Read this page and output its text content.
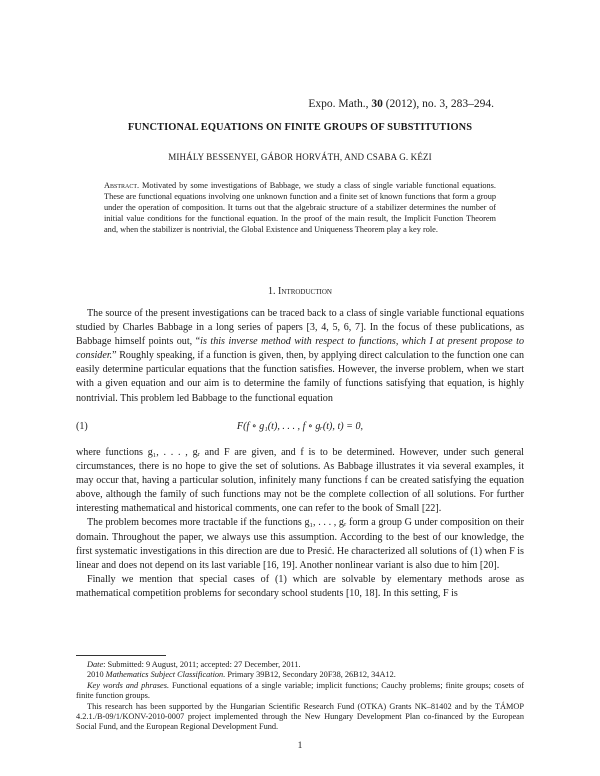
Expo. Math., 30 (2012), no. 3, 283–294.
FUNCTIONAL EQUATIONS ON FINITE GROUPS OF SUBSTITUTIONS
MIHÁLY BESSENYEI, GÁBOR HORVÁTH, AND CSABA G. KÉZI
Abstract. Motivated by some investigations of Babbage, we study a class of single variable functional equations. These are functional equations involving one unknown function and a finite set of known functions that form a group under the operation of composition. It turns out that the algebraic structure of a stabilizer determines the number of initial value conditions for the functional equation. In the proof of the main result, the Implicit Function Theorem and, when the stabilizer is nontrivial, the Global Existence and Uniqueness Theorem play a key role.
1. Introduction

The source of the present investigations can be traced back to a class of single variable functional equations studied by Charles Babbage in a long series of papers [3, 4, 5, 6, 7]. In the focus of these publications, as Babbage himself points out, “is this inverse method with respect to functions, which I at present propose to consider.” Roughly speaking, if a function is given, then, by applying direct calculation to the function one can easily determine particular equations that the function satisfies. However, the inverse problem, when we start with a given equation and our aim is to determine the family of functions satisfying that equation, is highly nontrivial. This problem led Babbage to the functional equation

F(f ∘ g₁(t), . . . , f ∘ gᵣ(t), t) = 0,
(1)

where functions g₁, . . . , gᵣ and F are given, and f is to be determined. However, under such general circumstances, there is no hope to give the set of solutions. As Babbage illustrates it via several examples, it may occur that, having a particular solution, infinitely many functions f can be created satisfying the equation above, although the family of such functions may not be the complete collection of all solutions. For further interesting mathematical and historical comments, one can refer to the book of Small [22].

The problem becomes more tractable if the functions g₁, . . . , gᵣ form a group G under composition on their domain. Throughout the paper, we always use this assumption. According to the best of our knowledge, the first systematic investigations in this direction are due to Presić. He characterized all solutions of (1) when F is linear and does not depend on its last variable [16, 19]. Another nonlinear variant is also due to him [20].

Finally we mention that special cases of (1) which are solvable by elementary methods arose as mathematical competition problems for secondary school students [10, 18]. In this setting, F is

Date: Submitted: 9 August, 2011; accepted: 27 December, 2011.

2010 Mathematics Subject Classification. Primary 39B12, Secondary 20F38, 26B12, 34A12.

Key words and phrases. Functional equations of a single variable; implicit functions; Cauchy problems; finite groups; cosets of finite function groups.

This research has been supported by the Hungarian Scientific Research Fund (OTKA) Grants NK–81402 and by the TÁMOP 4.2.1./B-09/1/KONV-2010-0007 project implemented through the New Hungary Development Plan co-financed by the European Social Fund, and the European Regional Development Fund.

1
